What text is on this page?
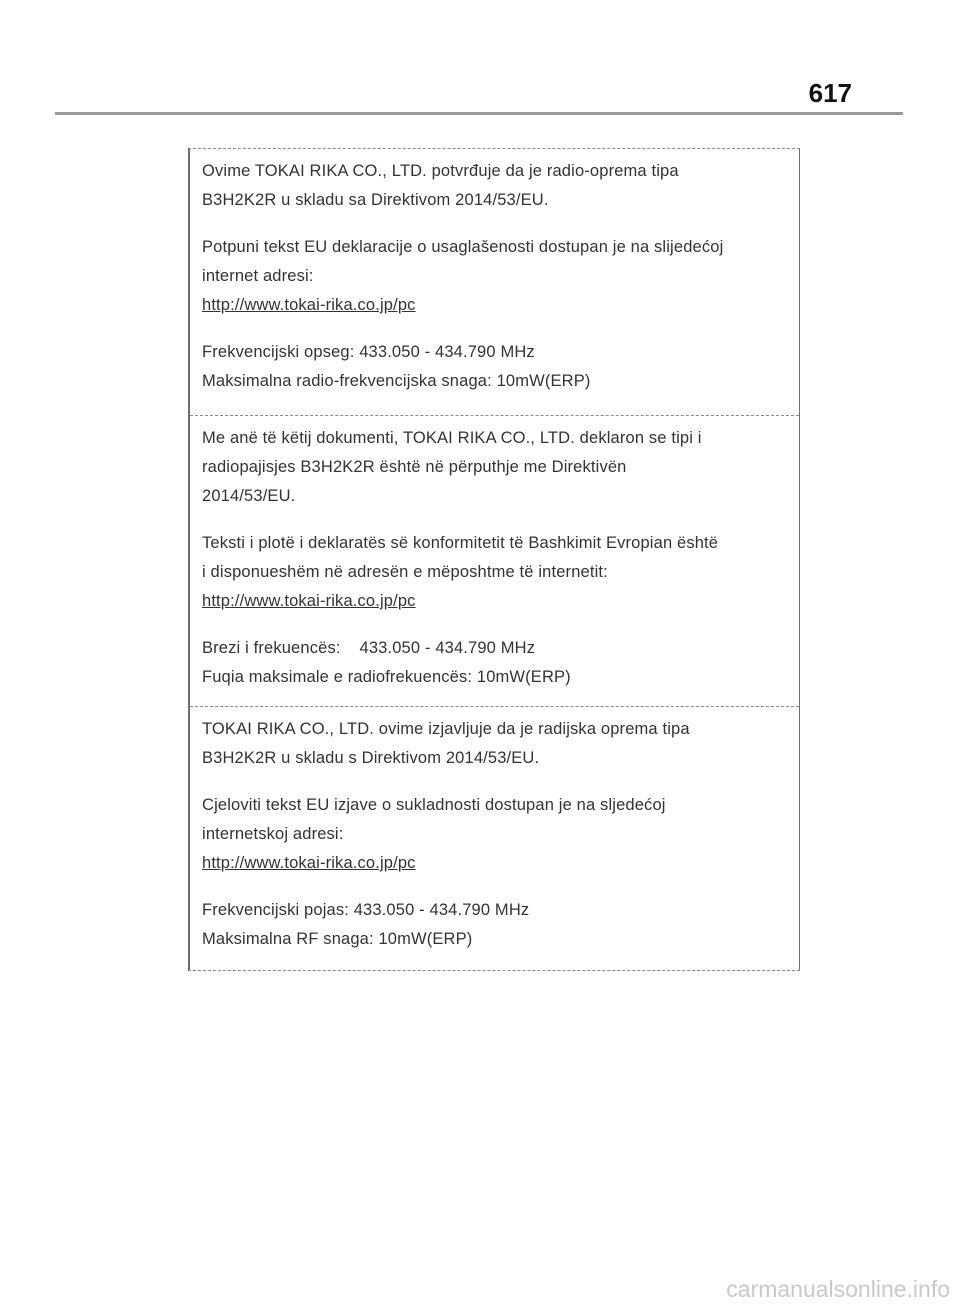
617

Ovime TOKAI RIKA CO., LTD. potvrđuje da je radio-oprema tipa

B3H2K2R u skladu sa Direktivom 2014/53/EU.

Potpuni tekst EU deklaracije o usaglašenosti dostupan je na slijedećoj

internet adresi:

http://www.tokai-rika.co.jp/pc

Frekvencijski opseg: 433.050 - 434.790 MHz

Maksimalna radio-frekvencijska snaga: 10mW(ERP)

Me anë të këtij dokumenti, TOKAI RIKA CO., LTD. deklaron se tipi i

radiopajisjes B3H2K2R është në përputhje me Direktivën

2014/53/EU.

Teksti i plotë i deklaratës së konformitetit të Bashkimit Evropian është

i disponueshëm në adresën e mëposhtme të internetit:

http://www.tokai-rika.co.jp/pc

Brezi i frekuencës:    433.050 - 434.790 MHz

Fuqia maksimale e radiofrekuencës: 10mW(ERP)

TOKAI RIKA CO., LTD. ovime izjavljuje da je radijska oprema tipa

B3H2K2R u skladu s Direktivom 2014/53/EU.

Cjeloviti tekst EU izjave o sukladnosti dostupan je na sljedećoj

internetskoj adresi:

http://www.tokai-rika.co.jp/pc

Frekvencijski pojas: 433.050 - 434.790 MHz

Maksimalna RF snaga: 10mW(ERP)

carmanualsonline.info
